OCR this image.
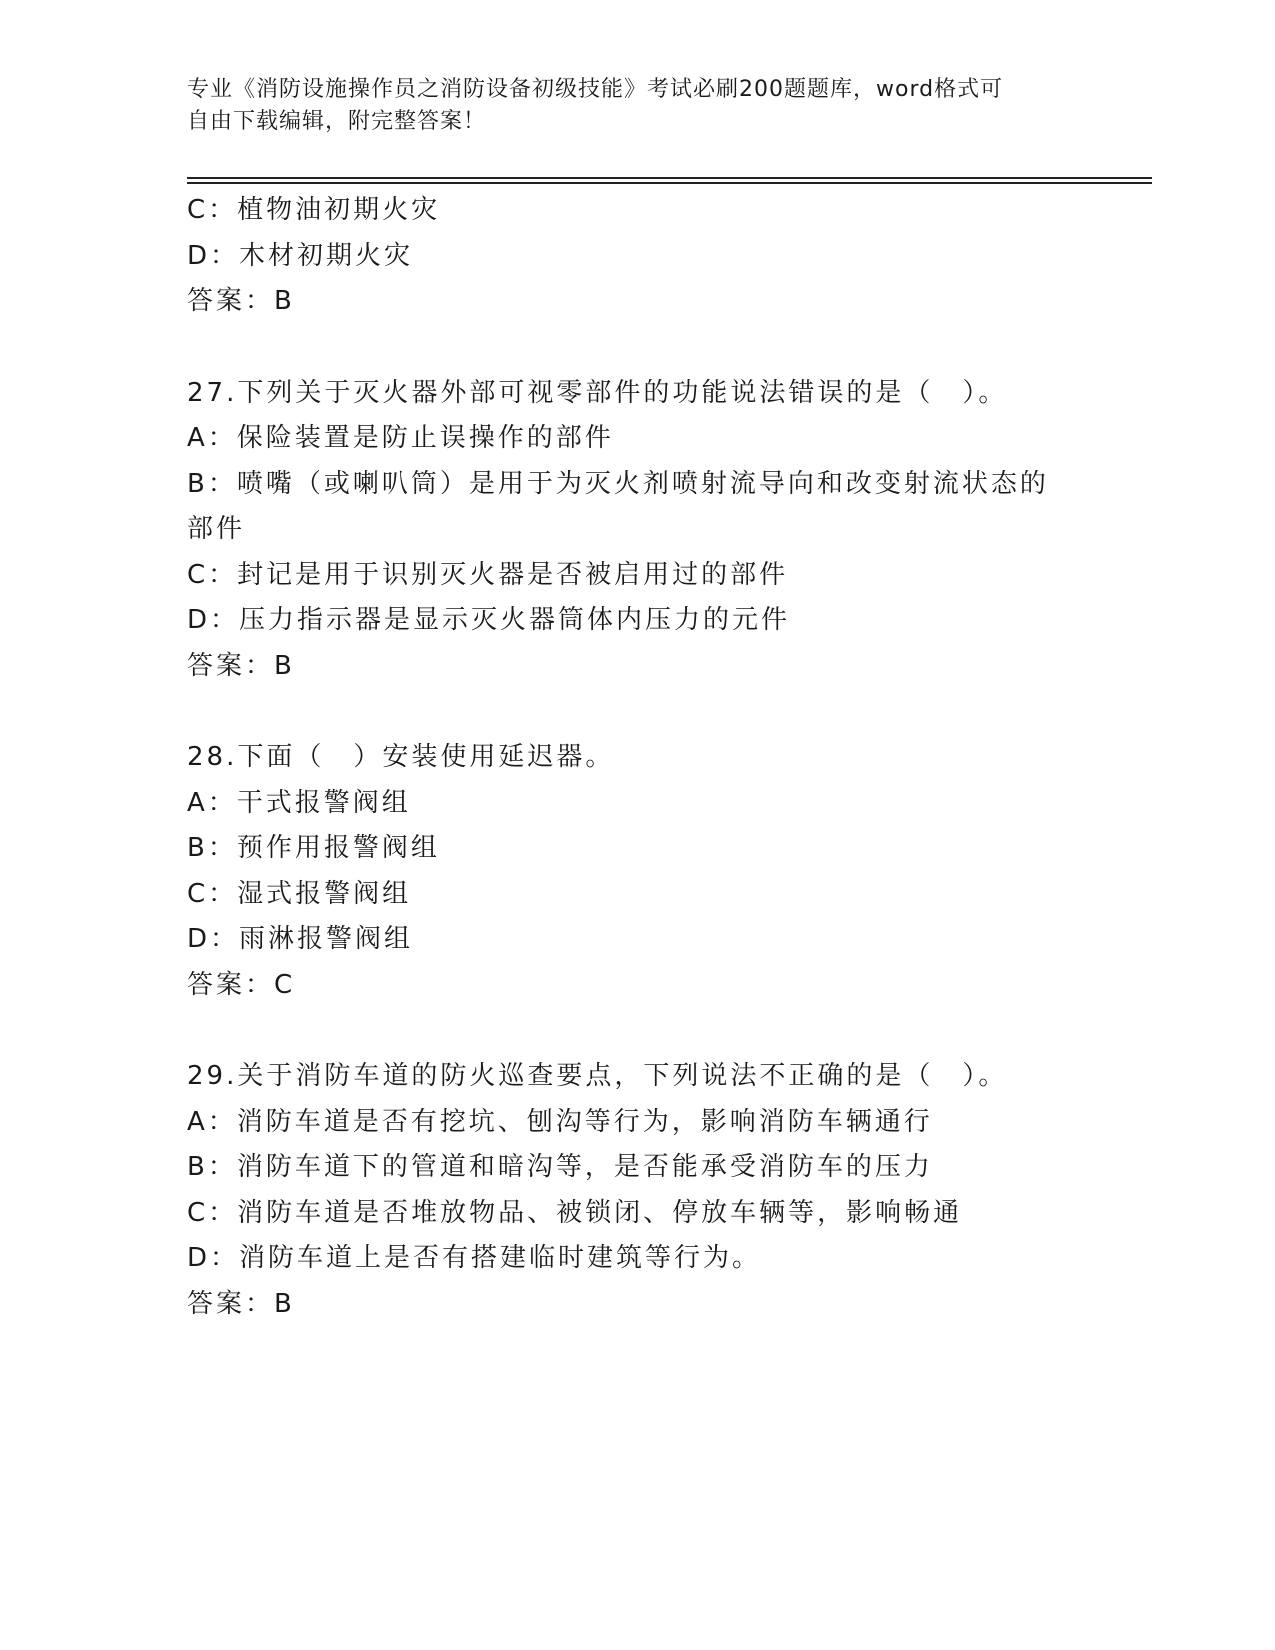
专业《消防设施操作员之消防设备初级技能》考试必刷200题题库，word格式可
自由下载编辑，附完整答案！
C：植物油初期火灾
D：木材初期火灾
答案：B
27.下列关于灭火器外部可视零部件的功能说法错误的是（　）。
A：保险装置是防止误操作的部件
B：喷嘴（或喇叭筒）是用于为灭火剂喷射流导向和改变射流状态的部件
C：封记是用于识别灭火器是否被启用过的部件
D：压力指示器是显示灭火器筒体内压力的元件
答案：B
28.下面（　）安装使用延迟器。
A：干式报警阀组
B：预作用报警阀组
C：湿式报警阀组
D：雨淋报警阀组
答案：C
29.关于消防车道的防火巡查要点，下列说法不正确的是（　）。
A：消防车道是否有挖坑、刨沟等行为，影响消防车辆通行
B：消防车道下的管道和暗沟等，是否能承受消防车的压力
C：消防车道是否堆放物品、被锁闭、停放车辆等，影响畅通
D：消防车道上是否有搭建临时建筑等行为。
答案：B
